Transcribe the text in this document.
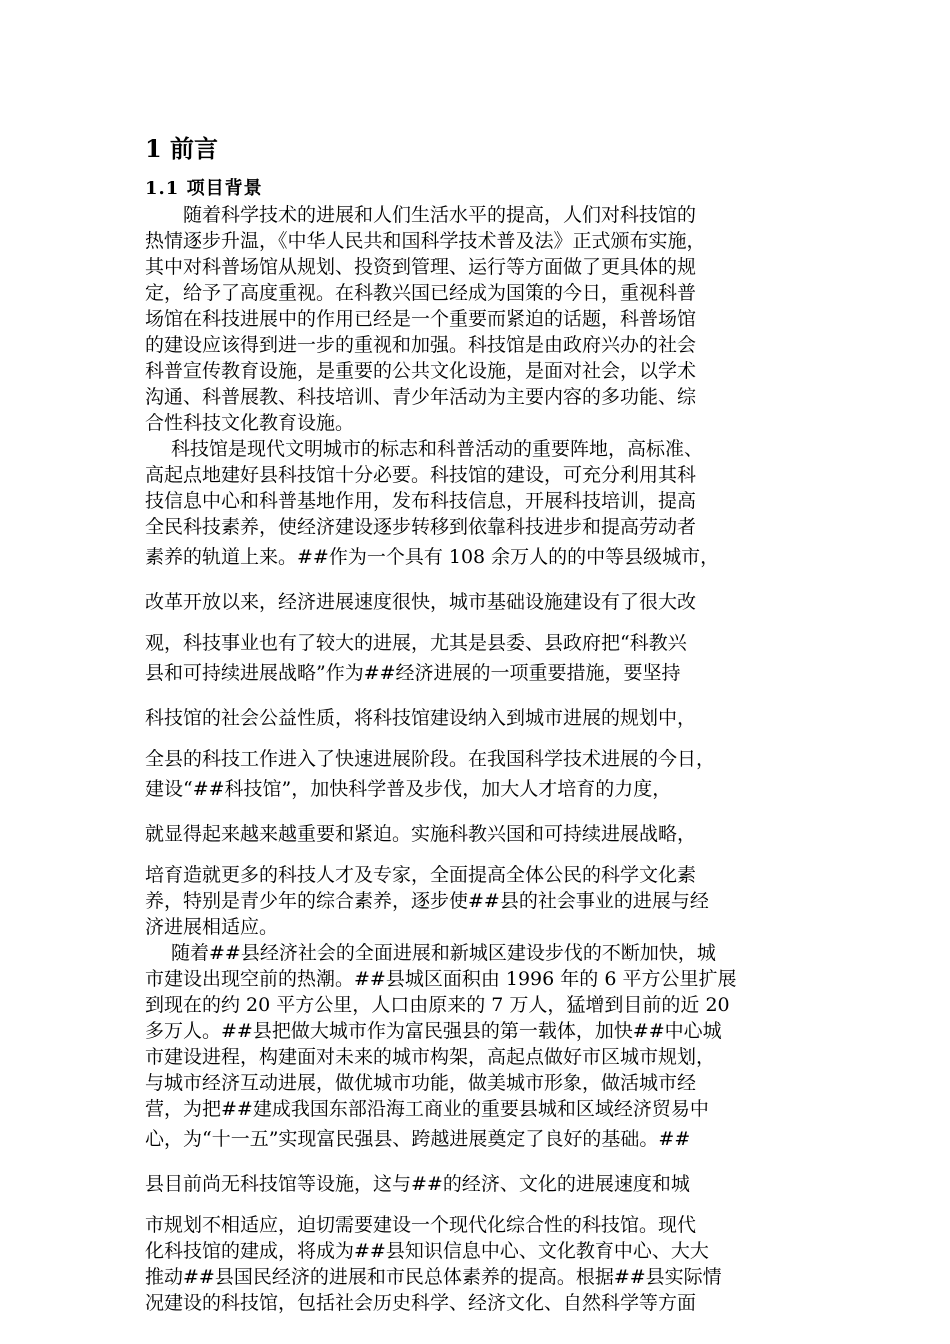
1 前言
1.1 项目背景
随着科学技术的进展和人们生活水平的提高，人们对科技馆的
热情逐步升温，《中华人民共和国科学技术普及法》正式颁布实施，
其中对科普场馆从规划、投资到管理、运行等方面做了更具体的规
定，给予了高度重视。在科教兴国已经成为国策的今日，重视科普
场馆在科技进展中的作用已经是一个重要而紧迫的话题，科普场馆
的建设应该得到进一步的重视和加强。科技馆是由政府兴办的社会
科普宣传教育设施，是重要的公共文化设施，是面对社会，以学术
沟通、科普展教、科技培训、青少年活动为主要内容的多功能、综
合性科技文化教育设施。
科技馆是现代文明城市的标志和科普活动的重要阵地，高标准、
高起点地建好县科技馆十分必要。科技馆的建设，可充分利用其科
技信息中心和科普基地作用，发布科技信息，开展科技培训，提高
全民科技素养，使经济建设逐步转移到依靠科技进步和提高劳动者
素养的轨道上来。##作为一个具有 108 余万人的的中等县级城市，
改革开放以来，经济进展速度很快，城市基础设施建设有了很大改
观，科技事业也有了较大的进展，尤其是县委、县政府把“科教兴
县和可持续进展战略”作为##经济进展的一项重要措施，要坚持
科技馆的社会公益性质，将科技馆建设纳入到城市进展的规划中，
全县的科技工作进入了快速进展阶段。在我国科学技术进展的今日，
建设“##科技馆”，加快科学普及步伐，加大人才培育的力度，
就显得起来越来越重要和紧迫。实施科教兴国和可持续进展战略，
培育造就更多的科技人才及专家，全面提高全体公民的科学文化素
养，特别是青少年的综合素养，逐步使##县的社会事业的进展与经
济进展相适应。
随着##县经济社会的全面进展和新城区建设步伐的不断加快，城
市建设出现空前的热潮。##县城区面积由 1996 年的 6 平方公里扩展
到现在的约 20 平方公里，人口由原来的 7 万人，猛增到目前的近 20
多万人。##县把做大城市作为富民强县的第一载体，加快##中心城
市建设进程，构建面对未来的城市构架，高起点做好市区城市规划，
与城市经济互动进展，做优城市功能，做美城市形象，做活城市经
营，为把##建成我国东部沿海工商业的重要县城和区域经济贸易中
心，为“十一五”实现富民强县、跨越进展奠定了良好的基础。##
县目前尚无科技馆等设施，这与##的经济、文化的进展速度和城
市规划不相适应，迫切需要建设一个现代化综合性的科技馆。现代
化科技馆的建成，将成为##县知识信息中心、文化教育中心、大大
推动##县国民经济的进展和市民总体素养的提高。根据##县实际情
况建设的科技馆，包括社会历史科学、经济文化、自然科学等方面
